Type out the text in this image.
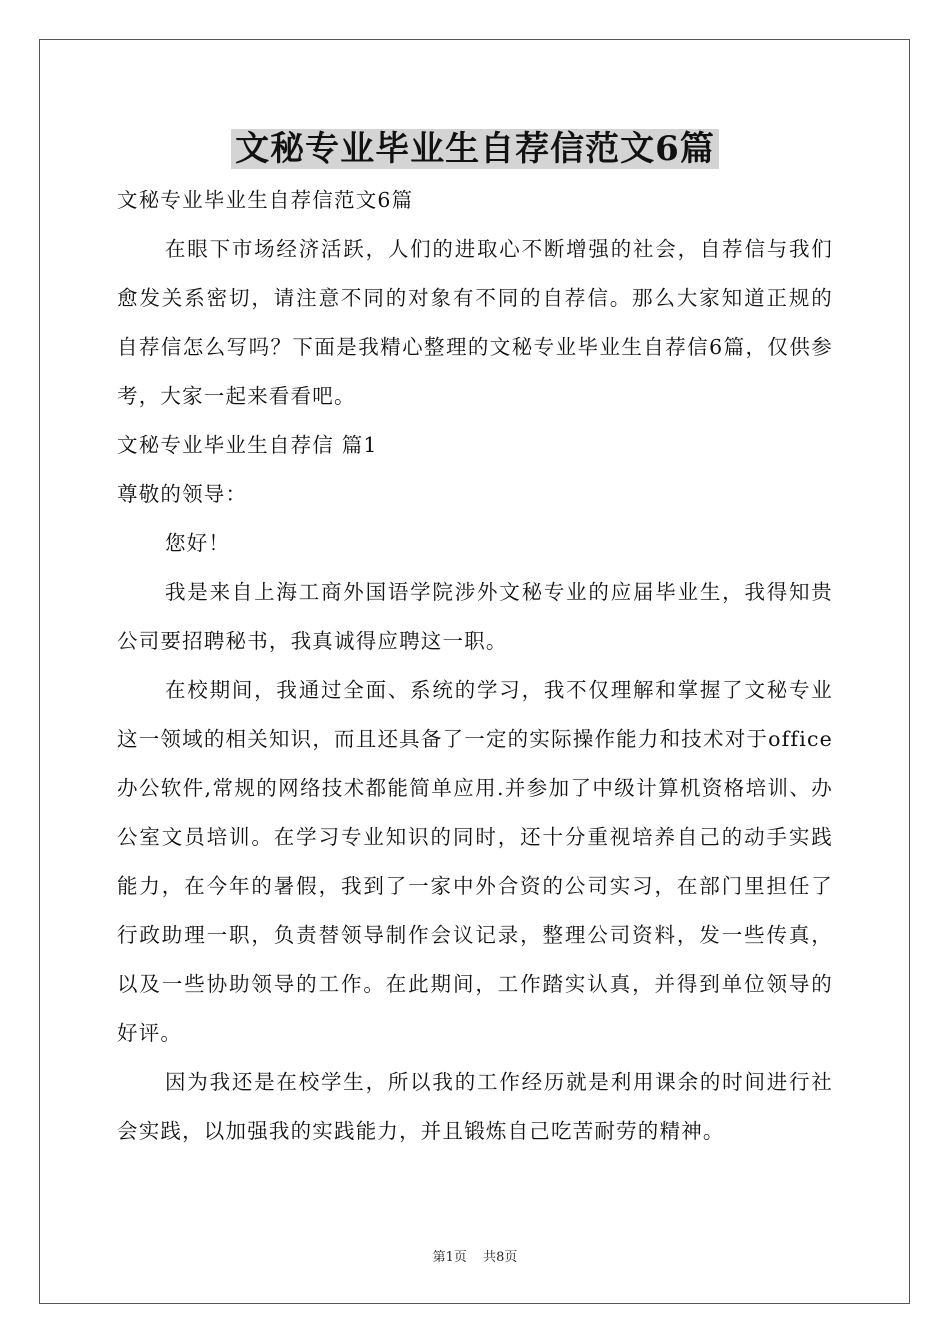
文秘专业毕业生自荐信范文6篇

文秘专业毕业生自荐信范文6篇

在眼下市场经济活跃，人们的进取心不断增强的社会，自荐信与我们愈发关系密切，请注意不同的对象有不同的自荐信。那么大家知道正规的自荐信怎么写吗？下面是我精心整理的文秘专业毕业生自荐信6篇，仅供参考，大家一起来看看吧。

文秘专业毕业生自荐信 篇1

尊敬的领导：

您好！

我是来自上海工商外国语学院涉外文秘专业的应届毕业生，我得知贵公司要招聘秘书，我真诚得应聘这一职。

在校期间，我通过全面、系统的学习，我不仅理解和掌握了文秘专业这一领域的相关知识，而且还具备了一定的实际操作能力和技术对于office办公软件,常规的网络技术都能简单应用.并参加了中级计算机资格培训、办公室文员培训。在学习专业知识的同时，还十分重视培养自己的动手实践能力，在今年的暑假，我到了一家中外合资的公司实习，在部门里担任了行政助理一职，负责替领导制作会议记录，整理公司资料，发一些传真，以及一些协助领导的工作。在此期间，工作踏实认真，并得到单位领导的好评。

因为我还是在校学生，所以我的工作经历就是利用课余的时间进行社会实践，以加强我的实践能力，并且锻炼自己吃苦耐劳的精神。

第1页 共8页
